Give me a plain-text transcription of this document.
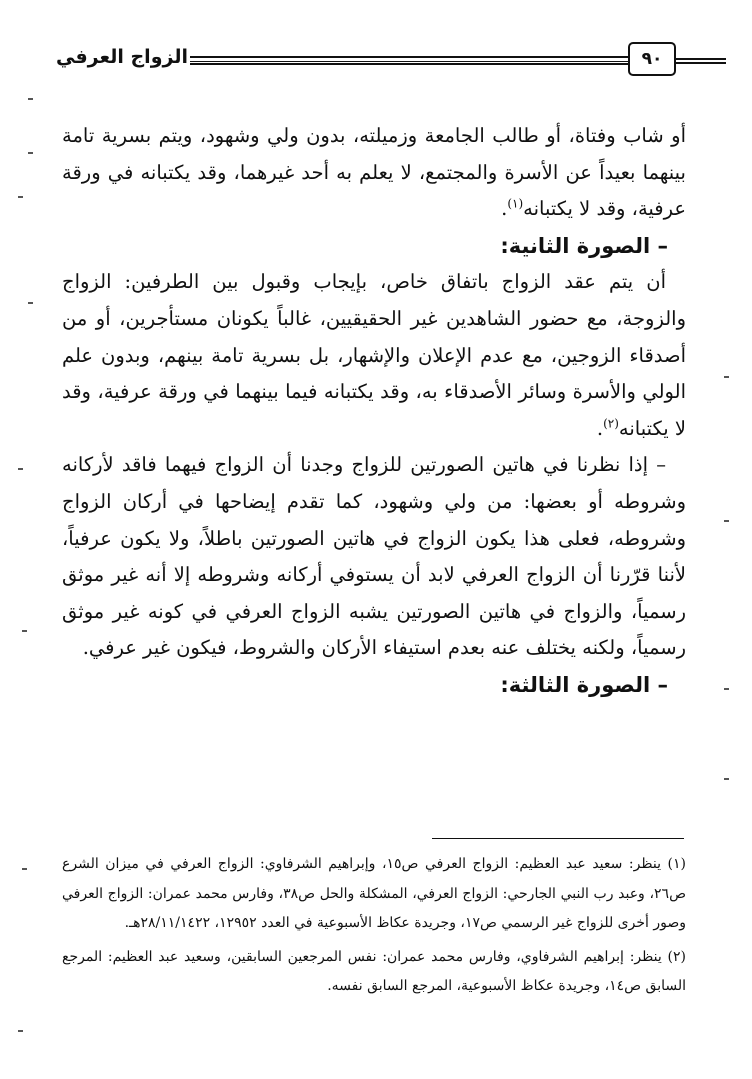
الزواج العرفي	٩٠

أو شاب وفتاة، أو طالب الجامعة وزميلته، بدون ولي وشهود، ويتم بسرية تامة بينهما بعيداً عن الأسرة والمجتمع، لا يعلم به أحد غيرهما، وقد يكتبانه في ورقة عرفية، وقد لا يكتبانه$^{(١)}$.

– الصورة الثانية:

أن يتم عقد الزواج باتفاق خاص، بإيجاب وقبول بين الطرفين: الزواج والزوجة، مع حضور الشاهدين غير الحقيقيين، غالباً يكونان مستأجرين، أو من أصدقاء الزوجين، مع عدم الإعلان والإشهار، بل بسرية تامة بينهم، وبدون علم الولي والأسرة وسائر الأصدقاء به، وقد يكتبانه فيما بينهما في ورقة عرفية، وقد لا يكتبانه$^{(٢)}$.

– إذا نظرنا في هاتين الصورتين للزواج وجدنا أن الزواج فيهما فاقد لأركانه وشروطه أو بعضها: من ولي وشهود، كما تقدم إيضاحها في أركان الزواج وشروطه، فعلى هذا يكون الزواج في هاتين الصورتين باطلاً، ولا يكون عرفياً، لأننا قرّرنا أن الزواج العرفي لابد أن يستوفي أركانه وشروطه إلا أنه غير موثق رسمياً، والزواج في هاتين الصورتين يشبه الزواج العرفي في كونه غير موثق رسمياً، ولكنه يختلف عنه بعدم استيفاء الأركان والشروط، فيكون غير عرفي.

– الصورة الثالثة:

(١) ينظر: سعيد عبد العظيم: الزواج العرفي ص١٥، وإبراهيم الشرفاوي: الزواج العرفي في ميزان الشرع ص٢٦، وعبد رب النبي الجارحي: الزواج العرفي، المشكلة والحل ص٣٨، وفارس محمد عمران: الزواج العرفي وصور أخرى للزواج غير الرسمي ص١٧، وجريدة عكاظ الأسبوعية في العدد ١٢٩٥٢، ٢٨/١١/١٤٢٢هـ.

(٢) ينظر: إبراهيم الشرفاوي، وفارس محمد عمران: نفس المرجعين السابقين، وسعيد عبد العظيم: المرجع السابق ص١٤، وجريدة عكاظ الأسبوعية، المرجع السابق نفسه.
